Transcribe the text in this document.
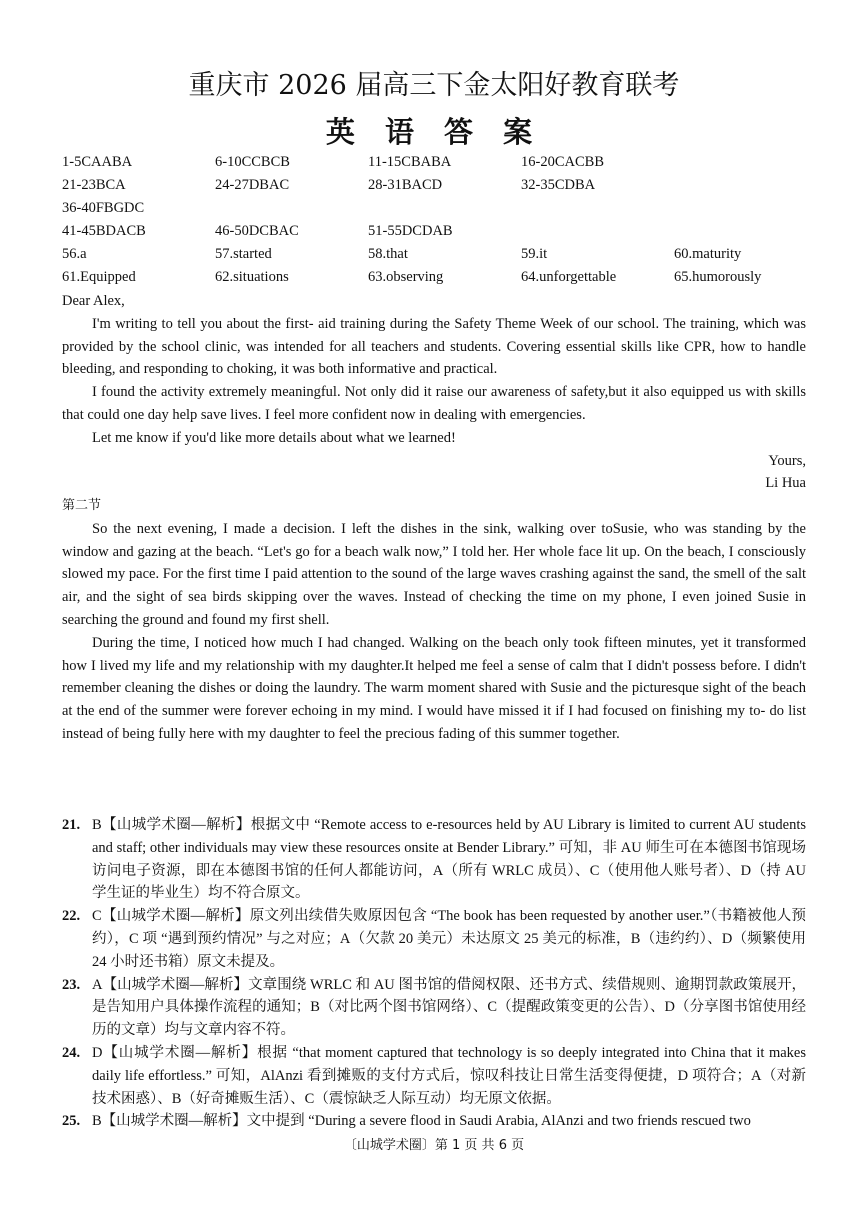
重庆市 2026 届高三下金太阳好教育联考
英 语 答 案
1-5CAABA	6-10CCBCB	11-15CBABA	16-20CACBB
21-23BCA	24-27DBAC	28-31BACD	32-35CDBA
36-40FBGDC
41-45BDACB	46-50DCBAC	51-55DCDAB
56.a	57.started	58.that	59.it	60.maturity
61.Equipped	62.situations	63.observing	64.unforgettable	65.humorously

Dear Alex,

I'm writing to tell you about the first- aid training during the Safety Theme Week of our school. The training, which was provided by the school clinic, was intended for all teachers and students. Covering essential skills like CPR, how to handle bleeding, and responding to choking, it was both informative and practical.

I found the activity extremely meaningful. Not only did it raise our awareness of safety,but it also equipped us with skills that could one day help save lives. I feel more confident now in dealing with emergencies.

Let me know if you'd like more details about what we learned!

Yours,

Li Hua

第二节

So the next evening, I made a decision. I left the dishes in the sink, walking over toSusie, who was standing by the window and gazing at the beach. “Let's go for a beach walk now,” I told her. Her whole face lit up. On the beach, I consciously slowed my pace. For the first time I paid attention to the sound of the large waves crashing against the sand, the smell of the salt air, and the sight of sea birds skipping over the waves. Instead of checking the time on my phone, I even joined Susie in searching the ground and found my first shell.

During the time, I noticed how much I had changed. Walking on the beach only took fifteen minutes, yet it transformed how I lived my life and my relationship with my daughter.It helped me feel a sense of calm that I didn't possess before. I didn't remember cleaning the dishes or doing the laundry. The warm moment shared with Susie and the picturesque sight of the beach at the end of the summer were forever echoing in my mind. I would have missed it if I had focused on finishing my to- do list instead of being fully here with my daughter to feel the precious fading of this summer together.

21. B【山城学术圈—解析】根据文中 “Remote access to e-resources held by AU Library is limited to current AU students and staff; other individuals may view these resources onsite at Bender Library.” 可知，非 AU 师生可在本德图书馆现场访问电子资源，即在本德图书馆的任何人都能访问，A（所有 WRLC 成员）、C（使用他人账号者）、D（持 AU 学生证的毕业生）均不符合原文。
22. C【山城学术圈—解析】原文列出续借失败原因包含 “The book has been requested by another user.”（书籍被他人预约），C 项 “遇到预约情况” 与之对应；A（欠款 20 美元）未达原文 25 美元的标准，B（违约约）、D（频繁使用 24 小时还书箱）原文未提及。
23. A【山城学术圈—解析】文章围绕 WRLC 和 AU 图书馆的借阅权限、还书方式、续借规则、逾期罚款政策展开，是告知用户具体操作流程的通知；B（对比两个图书馆网络）、C（提醒政策变更的公告）、D（分享图书馆使用经历的文章）均与文章内容不符。
24. D【山城学术圈—解析】根据 “that moment captured that technology is so deeply integrated into China that it makes daily life effortless.” 可知，AlAnzi 看到摊贩的支付方式后，惊叹科技让日常生活变得便捷，D 项符合；A（对新技术困惑）、B（好奇摊贩生活）、C（震惊缺乏人际互动）均无原文依据。
25. B【山城学术圈—解析】文中提到 “During a severe flood in Saudi Arabia, AlAnzi and two friends rescued two
〔山城学术圈〕第 1 页 共 6 页
